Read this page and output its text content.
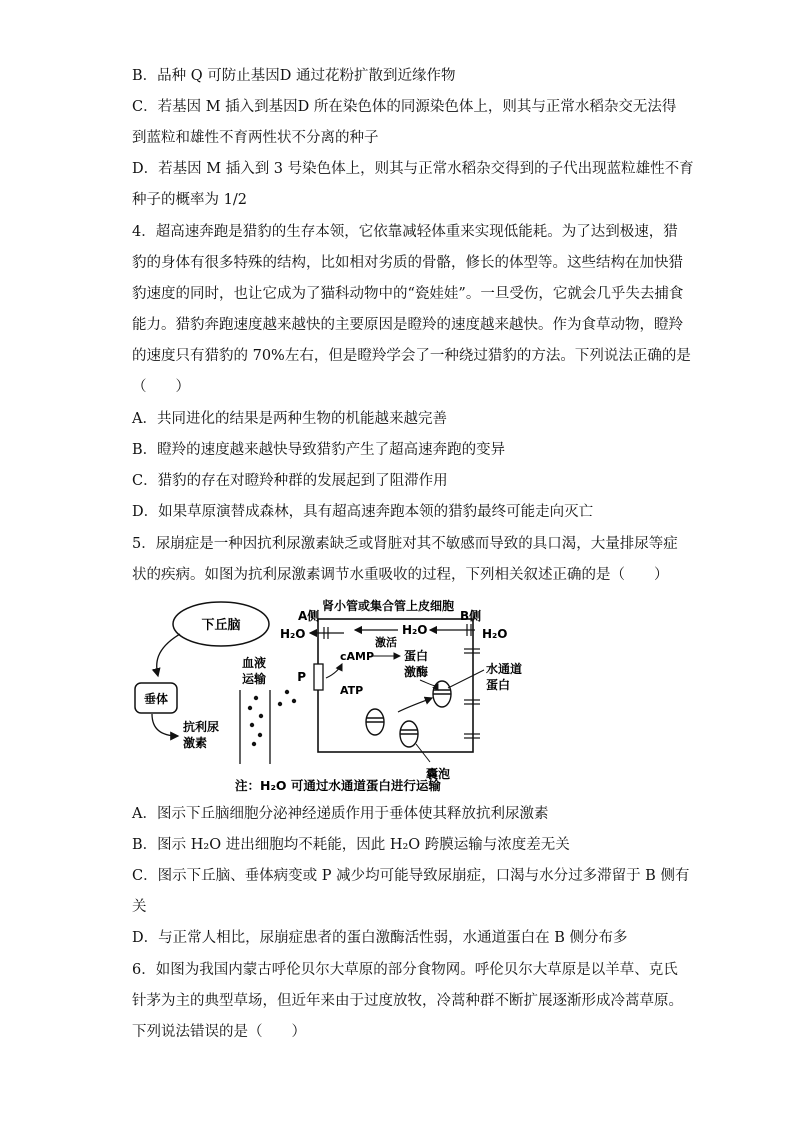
B．品种 Q 可防止基因D 通过花粉扩散到近缘作物
C．若基因 M 插入到基因D 所在染色体的同源染色体上，则其与正常水稻杂交无法得
到蓝粒和雄性不育两性状不分离的种子
D．若基因 M 插入到 3 号染色体上，则其与正常水稻杂交得到的子代出现蓝粒雄性不育
种子的概率为 1/2
4．超高速奔跑是猎豹的生存本领，它依靠减轻体重来实现低能耗。为了达到极速，猎
豹的身体有很多特殊的结构，比如相对劣质的骨骼，修长的体型等。这些结构在加快猎
豹速度的同时，也让它成为了猫科动物中的“瓷娃娃”。一旦受伤，它就会几乎失去捕食
能力。猎豹奔跑速度越来越快的主要原因是瞪羚的速度越来越快。作为食草动物，瞪羚
的速度只有猎豹的 70%左右，但是瞪羚学会了一种绕过猎豹的方法。下列说法正确的是
（　　）
A．共同进化的结果是两种生物的机能越来越完善
B．瞪羚的速度越来越快导致猎豹产生了超高速奔跑的变异
C．猎豹的存在对瞪羚种群的发展起到了阻滞作用
D．如果草原演替成森林，具有超高速奔跑本领的猎豹最终可能走向灭亡
5．尿崩症是一种因抗利尿激素缺乏或肾脏对其不敏感而导致的具口渴，大量排尿等症
状的疾病。如图为抗利尿激素调节水重吸收的过程，下列相关叙述正确的是（　　）
下丘脑
垂体
抗利尿
激素
血液
运输
肾小管或集合管上皮细胞
A侧
H₂O	H₂O
B侧
H₂O
P
cAMP
ATP
激活
蛋白
激酶	水通道
蛋白
囊泡
注：H₂O 可通过水通道蛋白进行运输
A．图示下丘脑细胞分泌神经递质作用于垂体使其释放抗利尿激素
B．图示 H₂O 进出细胞均不耗能，因此 H₂O 跨膜运输与浓度差无关
C．图示下丘脑、垂体病变或 P 减少均可能导致尿崩症，口渴与水分过多滞留于 B 侧有
关
D．与正常人相比，尿崩症患者的蛋白激酶活性弱，水通道蛋白在 B 侧分布多
6．如图为我国内蒙古呼伦贝尔大草原的部分食物网。呼伦贝尔大草原是以羊草、克氏
针茅为主的典型草场，但近年来由于过度放牧，冷蒿种群不断扩展逐渐形成冷蒿草原。
下列说法错误的是（　　）
